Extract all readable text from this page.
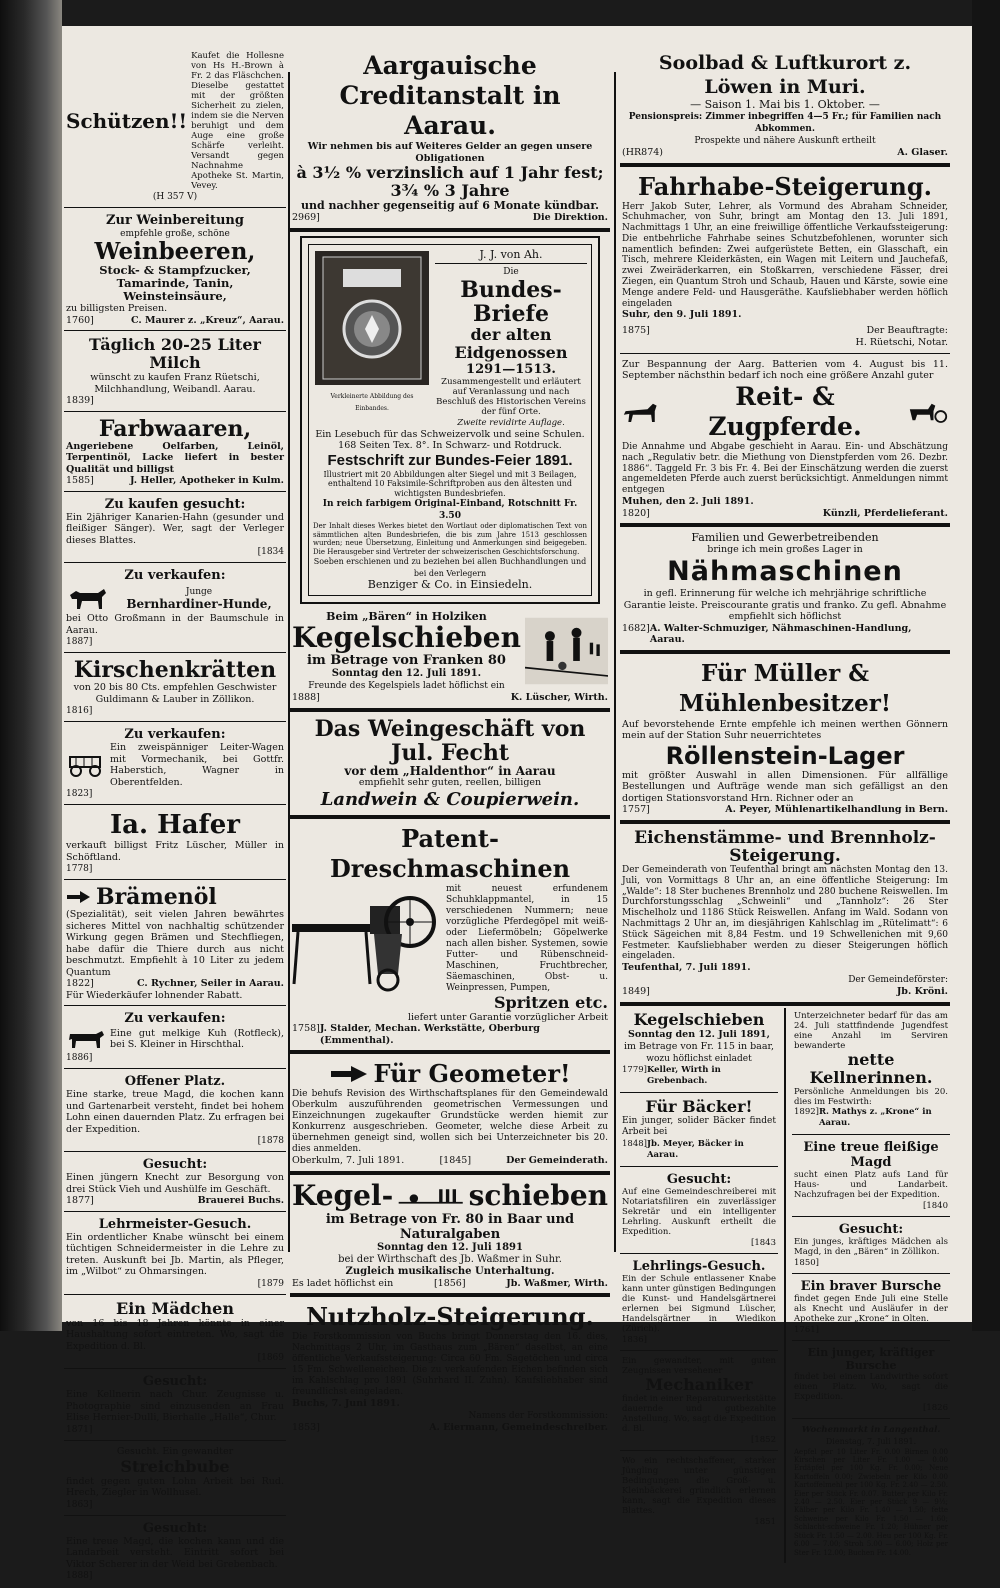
Schützen!!

Kaufet die Hollesne von Hs H.-Brown à Fr. 2 das Fläschchen. Dieselbe gestattet mit der größten Sicherheit zu zielen, indem sie die Nerven beruhigt und dem Auge eine große Schärfe verleiht. Versandt gegen Nachnahme Apotheke St. Martin, Vevey.

(H 357 V)
Zur Weinbereitung
empfehle große, schöne
Weinbeeren,
Stock- & Stampfzucker, Tamarinde, Tanin, Weinsteinsäure,

zu billigsten Preisen.

1760]	C. Maurer z. „Kreuz“, Aarau.
Täglich 20-25 Liter Milch

wünscht zu kaufen Franz Rüetschi, Milchhandlung, Weibandl. Aarau.

1839]
Farbwaaren,

Angeriebene Oelfarben, Leinöl, Terpentinöl, Lacke liefert in bester Qualität und billigst

1585]	J. Heller, Apotheker in Kulm.
Zu kaufen gesucht:

Ein 2jähriger Kanarien-Hahn (gesunder und fleißiger Sänger). Wer, sagt der Verleger dieses Blattes.

[1834
Zu verkaufen:
Junge
Bernhardiner-Hunde,

bei Otto Großmann in der Baumschule in Aarau.

1887]
Kirschenkrätten

von 20 bis 80 Cts. empfehlen Geschwister Guldimann & Lauber in Zöllikon.

1816]
Zu verkaufen:

Ein zweispänniger Leiter-Wagen mit Vormechanik, bei Gottfr. Haberstich, Wagner in Oberentfelden.

1823]
Ia. Hafer

verkauft billigst Fritz Lüscher, Müller in Schöftland.

1778]
Brämenöl

(Spezialität), seit vielen Jahren bewährtes sicheres Mittel von nachhaltig schützender Wirkung gegen Brämen und Stechfliegen, habe dafür die Thiere durch aus nicht beschmutzt. Empfiehlt à 10 Liter zu jedem Quantum

1822]	C. Rychner, Seiler in Aarau.

Für Wiederkäufer lohnender Rabatt.

Zu verkaufen:

Eine gut melkige Kuh (Rotfleck), bei S. Kleiner in Hirschthal.

1886]
Offener Platz.

Eine starke, treue Magd, die kochen kann und Gartenarbeit versteht, findet bei hohem Lohn einen dauernden Platz. Zu erfragen bei der Expedition.

[1878
Gesucht:

Einen jüngern Knecht zur Besorgung von drei Stück Vieh und Aushülfe im Geschäft.

1877]	Brauerei Buchs.
Lehrmeister-Gesuch.

Ein ordentlicher Knabe wünscht bei einem tüchtigen Schneidermeister in die Lehre zu treten. Auskunft bei Jb. Martin, als Pfleger, im „Wilbot“ zu Ohmarsingen.

[1879
Ein Mädchen

von 16 bis 18 Jahren könnte in einer Haushaltung sofort eintreten. Wo, sagt die Expedition d. Bl.

[1869
Gesucht:

Eine Kellnerin nach Chur. Zeugnisse u. Photographie sind einzusenden an Frau Elise Hernier-Dulli, Bierhalle „Halle“, Chur.

1871]
Gesucht. Ein gewandter
Streichbube

findet gegen guten Lohn Arbeit bei Rud. Hrech, Ziegler in Wollhusel.

1863]
Gesucht:

Eine treue Magd, die kochen kann und die Landarbeit versteht. Eintritt sofort bei Viktor Scherer in der Weid bei Grebenbach.

1888]
Aargauische Creditanstalt in Aarau.

Wir nehmen bis auf Weiteres Gelder an gegen unsere Obligationen

à 3½ % verzinslich auf 1 Jahr fest;
3¾ % 3 Jahre
und nachher gegenseitig auf 6 Monate kündbar.
2969]	Die Direktion.
Verkleinerte Abbildung des Einbandes.
J. J. von Ah.
Die
Bundes-Briefe
der alten Eidgenossen
1291—1513.

Zusammengestellt und erläutert auf Veranlassung und nach Beschluß des Historischen Vereins der fünf Orte.

Zweite revidirte Auflage.

Ein Lesebuch für das Schweizervolk und seine Schulen. 168 Seiten Tex. 8°. In Schwarz- und Rotdruck.

Festschrift zur Bundes-Feier 1891.

Illustriert mit 20 Abbildungen alter Siegel und mit 3 Beilagen, enthaltend 10 Faksimile-Schriftproben aus den ältesten und wichtigsten Bundesbriefen.

In reich farbigem Original-Einband, Rotschnitt Fr. 3.50

Der Inhalt dieses Werkes bietet den Wortlaut oder diplomatischen Text von sämmtlichen alten Bundesbriefen, die bis zum Jahre 1513 geschlossen wurden; neue Übersetzung, Einleitung und Anmerkungen sind beigegeben. Die Herausgeber sind Vertreter der schweizerischen Geschichtsforschung.

Soeben erschienen und zu beziehen bei allen Buchhandlungen und bei den Verlegern

Benziger & Co. in Einsiedeln.
Beim „Bären“ in Holziken
Kegelschieben
im Betrage von Franken 80
Sonntag den 12. Juli 1891.
Freunde des Kegelspiels ladet höflichst ein
1888]	K. Lüscher, Wirth.
Das Weingeschäft von Jul. Fecht
vor dem „Haldenthor“ in Aarau
empfiehlt sehr guten, reellen, billigen
Landwein & Coupierwein.
Patent-Dreschmaschinen

mit neuest erfundenem Schuhklappmantel, in 15 verschiedenen Nummern; neue vorzügliche Pferdegöpel mit weiß- oder Liefermöbeln; Göpelwerke nach allen bisher. Systemen, sowie Futter- und Rübenschneid-Maschinen, Fruchtbrecher, Säemaschinen, Obst- u. Weinpressen, Pumpen,

Spritzen etc.

liefert unter Garantie vorzüglicher Arbeit

1758] J. Stalder, Mechan. Werkstätte, Oberburg (Emmenthal).
Für Geometer!

Die behufs Revision des Wirthschaftsplanes für den Gemeindewald Oberkulm auszuführenden geometrischen Vermessungen und Einzeichnungen zugekaufter Grundstücke werden hiemit zur Konkurrenz ausgeschrieben. Geometer, welche diese Arbeit zu übernehmen geneigt sind, wollen sich bei Unterzeichneter bis 20. dies anmelden.

Oberkulm, 7. Juli 1891.	[1845]	Der Gemeinderath.
Kegel-	schieben
im Betrage von Fr. 80 in Baar und Naturalgaben
Sonntag den 12. Juli 1891
bei der Wirthschaft des Jb. Waßmer in Suhr.
Zugleich musikalische Unterhaltung.
Es ladet höflichst ein	[1856]	Jb. Waßmer, Wirth.
Nutzholz-Steigerung.

Die Forstkommission von Buchs bringt Donnerstag den 16. dies, Nachmittags 2 Uhr, im Gasthaus zum „Bären“ daselbst, an eine öffentliche Verkaufssteigerung: Circa 60 Fm. Sagetöchen und circa 15 Fm. Schwelleneichen. Die zu verkaufenden Eichen befinden sich im Kahlschlag pro 1891 (Suhrhard II. Zuhn). Kaufsliebhaber sind freundlichst eingeladen.

Buchs, 7. Juni 1891.
Namens der Forstkommission:
1853]	A. Eiermann, Gemeindeschreiber.
Soolbad & Luftkurort z. Löwen in Muri.
— Saison 1. Mai bis 1. Oktober. —
Pensionspreis: Zimmer inbegriffen 4—5 Fr.; für Familien nach Abkommen.
Prospekte und nähere Auskunft ertheilt
(HR874)	A. Glaser.
Fahrhabe-Steigerung.

Herr Jakob Suter, Lehrer, als Vormund des Abraham Schneider, Schuhmacher, von Suhr, bringt am Montag den 13. Juli 1891, Nachmittags 1 Uhr, an eine freiwillige öffentliche Verkaufssteigerung: Die entbehrliche Fahrhabe seines Schutzbefohlenen, worunter sich namentlich befinden: Zwei aufgerüstete Betten, ein Glasschaft, ein Tisch, mehrere Kleiderkästen, ein Wagen mit Leitern und Jauchefaß, zwei Zweiräderkarren, ein Stoßkarren, verschiedene Fässer, drei Ziegen, ein Quantum Stroh und Schaub, Hauen und Kärste, sowie eine Menge andere Feld- und Hausgeräthe. Kaufsliebhaber werden höflich eingeladen

Suhr, den 9. Juli 1891.
1875]	Der Beauftragte:
H. Rüetschi, Notar.

Zur Bespannung der Aarg. Batterien vom 4. August bis 11. September nächsthin bedarf ich noch eine größere Anzahl guter

Reit- & Zugpferde.

Die Annahme und Abgabe geschieht in Aarau. Ein- und Abschätzung nach „Regulativ betr. die Miethung von Dienstpferden vom 26. Dezbr. 1886“. Taggeld Fr. 3 bis Fr. 4. Bei der Einschätzung werden die zuerst angemeldeten Pferde auch zuerst berücksichtigt. Anmeldungen nimmt entgegen

Muhen, den 2. Juli 1891.
1820]	Künzli, Pferdelieferant.
Familien und Gewerbetreibenden
bringe ich mein großes Lager in
Nähmaschinen

in gefl. Erinnerung für welche ich mehrjährige schriftliche Garantie leiste. Preiscourante gratis und franko. Zu gefl. Abnahme empfiehlt sich höflichst

1682] A. Walter-Schmuziger, Nähmaschinen-Handlung, Aarau.
Für Müller & Mühlenbesitzer!

Auf bevorstehende Ernte empfehle ich meinen werthen Gönnern mein auf der Station Suhr neuerrichtetes

Röllenstein-Lager

mit größter Auswahl in allen Dimensionen. Für allfällige Bestellungen und Aufträge wende man sich gefälligst an den dortigen Stationsvorstand Hrn. Richner oder an

1757]	A. Peyer, Mühlenartikelhandlung in Bern.
Eichenstämme- und Brennholz-Steigerung.

Der Gemeinderath von Teufenthal bringt am nächsten Montag den 13. Juli, von Vormittags 8 Uhr an, an eine öffentliche Steigerung: Im „Walde“: 18 Ster buchenes Brennholz und 280 buchene Reiswellen. Im Durchforstungsschlag „Schweinli“ und „Tannholz“: 26 Ster Mischelholz und 1186 Stück Reiswellen. Anfang im Wald. Sodann von Nachmittags 2 Uhr an, im diesjährigen Kahlschlag im „Rütelimatt“: 6 Stück Sägeichen mit 8,84 Festm. und 19 Schwellenichen mit 9,60 Festmeter. Kaufsliebhaber werden zu dieser Steigerungen höflich eingeladen.

Teufenthal, 7. Juli 1891.
Der Gemeindeförster:
1849]	Jb. Kröni.
Kegelschieben
Sonntag den 12. Juli 1891,
im Betrage von Fr. 115 in baar,
wozu höflichst einladet
1779] Keller, Wirth in Grebenbach.
Für Bäcker!

Ein junger, solider Bäcker findet Arbeit bei

1848] Jb. Meyer, Bäcker in Aarau.
Gesucht:

Auf eine Gemeindeschreiberei mit Notariatsfiliren ein zuverlässiger Sekretär und ein intelligenter Lehrling. Auskunft ertheilt die Expedition.

[1843
Lehrlings-Gesuch.

Ein der Schule entlassener Knabe kann unter günstigen Bedingungen die Kunst- und Handelsgärtnerei erlernen bei Sigmund Lüscher, Handelsgärtner in Wiedikon (Zürich).

1836]

Ein gewandter, mit guten Zeugnissen versehener

Mechaniker

findet in einer Reparaturwerkstätte dauernde und gutbezahlte Anstellung. Wo, sagt die Expedition d. Bl.

[1852

Wo ein rechtschaffener, starker Jüngling unter günstigen Bedingungen die Groß- u. Kleinbäckerei gründlich erlernen kann, sagt die Expedition dieses Blattes.

1851

Unterzeichneter bedarf für das am 24. Juli stattfindende Jugendfest eine Anzahl im Serviren bewanderte

nette Kellnerinnen.

Persönliche Anmeldungen bis 20. dies im Festwirth:

1892] R. Mathys z. „Krone“ in Aarau.
Eine treue fleißige Magd

sucht einen Platz aufs Land für Haus- und Landarbeit. Nachzufragen bei der Expedition.

[1840
Gesucht:

Ein junges, kräftiges Mädchen als Magd, in den „Bären“ in Zöllikon.

1850]
Ein braver Bursche

findet gegen Ende Juli eine Stelle als Knecht und Ausläufer in der Apotheke zur „Krone“ in Olten.

1761]
Ein junger, kräftiger Bursche

findet bei einem Landwirthe sofort einen Platz. Wo, sagt die Expedition.

[1826
Wochenmarkt in Langenthal.
Dienstag, 7. Juli 1891.

Aepfel per 10 Liter Fr. 0.00 Birnen 0.00 Kirschen per Liter Fr. 1.00 — 0.00 Erdäpfel per 100 Kg. Fr. 0.00; Neue Kartoffeln 0.00; Zwiebeln per Kilo 0.00 Kartoffelmehl per 100 Kg. Fr. 2.40 — 2.50. Eier per Stück Fr. 0.07. Butter per Kilo Fr. 2.40 — 2.50. Eier per Stück 9 — 9½; Kälber per Kilo Fr. 1.40 — 1.50; fette Schweine per Kilo Fr. 1.50 — 1.60; Schlacht-schweine Fr. 1.20; Hühner per Stück Fr. 1.50 — 2.00. Heu per 100 Kg. Fr. 6.00 — 7.00; Stroh 5.00 — 6.00; Holz per Ster Fr. 12.00; Buchen Fr. 14.00.
